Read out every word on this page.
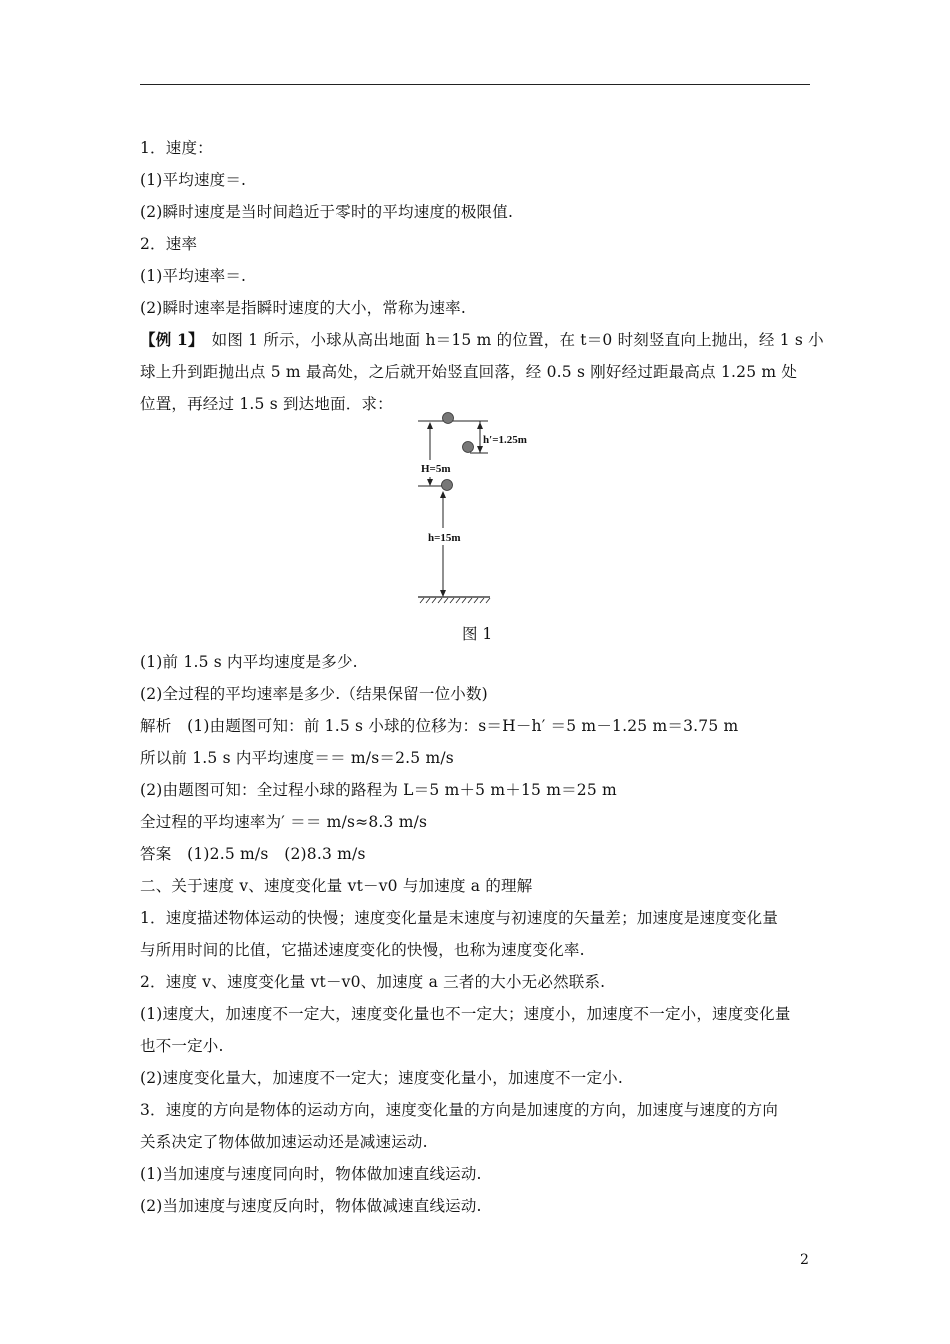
1．速度：
(1)平均速度＝.
(2)瞬时速度是当时间趋近于零时的平均速度的极限值.
2．速率
(1)平均速率＝.
(2)瞬时速率是指瞬时速度的大小，常称为速率.
【例 1】　如图 1 所示，小球从高出地面 h＝15 m 的位置，在 t＝0 时刻竖直向上抛出，经 1 s 小
球上升到距抛出点 5 m 最高处，之后就开始竖直回落，经 0.5 s 刚好经过距最高点 1.25 m 处
位置，再经过 1.5 s 到达地面．求：
H=5m
h′=1.25m
h=15m
图 1
(1)前 1.5 s 内平均速度是多少.
(2)全过程的平均速率是多少.（结果保留一位小数)
解析　(1)由题图可知：前 1.5 s 小球的位移为：s＝H－h′ ＝5 m－1.25 m＝3.75 m
所以前 1.5 s 内平均速度＝＝ m/s＝2.5 m/s
(2)由题图可知：全过程小球的路程为 L＝5 m＋5 m＋15 m＝25 m
全过程的平均速率为′ ＝＝ m/s≈8.3 m/s
答案　(1)2.5 m/s　(2)8.3 m/s
二、关于速度 v、速度变化量 vt－v0 与加速度 a 的理解
1．速度描述物体运动的快慢；速度变化量是末速度与初速度的矢量差；加速度是速度变化量
与所用时间的比值，它描述速度变化的快慢，也称为速度变化率.
2．速度 v、速度变化量 vt－v0、加速度 a 三者的大小无必然联系.
(1)速度大，加速度不一定大，速度变化量也不一定大；速度小，加速度不一定小，速度变化量
也不一定小.
(2)速度变化量大，加速度不一定大；速度变化量小，加速度不一定小.
3．速度的方向是物体的运动方向，速度变化量的方向是加速度的方向，加速度与速度的方向
关系决定了物体做加速运动还是减速运动.
(1)当加速度与速度同向时，物体做加速直线运动.
(2)当加速度与速度反向时，物体做减速直线运动.
2
